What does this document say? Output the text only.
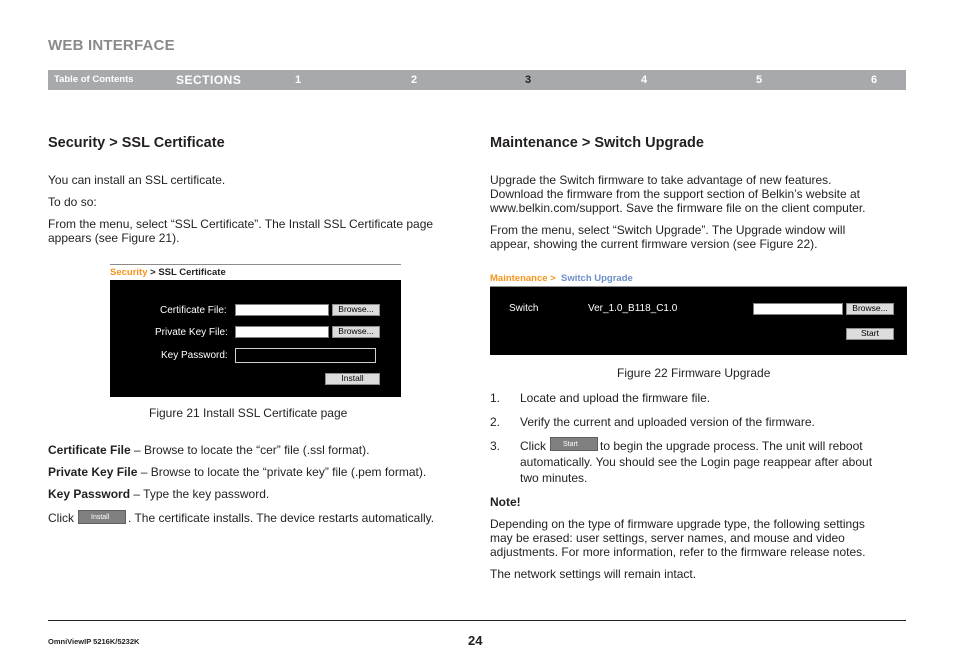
WEB INTERFACE
Table of Contents	SECTIONS	1	2	3	4	5	6
Security > SSL Certificate
You can install an SSL certificate.
To do so:
From the menu, select “SSL Certificate”. The Install SSL Certificate page
appears (see Figure 21).
Security > SSL Certificate
Certificate File:	Browse...
Private Key File:	Browse...
Key Password:
Install
Figure 21 Install SSL Certificate page
Certificate File – Browse to locate the “cer” file (.ssl format).
Private Key File – Browse to locate the “private key” file (.pem format).
Key Password – Type the key password.
Click	Install	. The certificate installs. The device restarts automatically.
Maintenance > Switch Upgrade
Upgrade the Switch firmware to take advantage of new features.
Download the firmware from the support section of Belkin’s website at
www.belkin.com/support. Save the firmware file on the client computer.
From the menu, select “Switch Upgrade”. The Upgrade window will
appear, showing the current firmware version (see Figure 22).
Maintenance > Switch Upgrade
Switch	Ver_1.0_B118_C1.0	Browse...
Start
Figure 22 Firmware Upgrade
1. Locate and upload the firmware file.
2. Verify the current and uploaded version of the firmware.
3. Click	Start	to begin the upgrade process. The unit will reboot
automatically. You should see the Login page reappear after about
two minutes.
Note!
Depending on the type of firmware upgrade type, the following settings
may be erased: user settings, server names, and mouse and video
adjustments. For more information, refer to the firmware release notes.
The network settings will remain intact.
OmniViewIP 5216K/5232K	24
